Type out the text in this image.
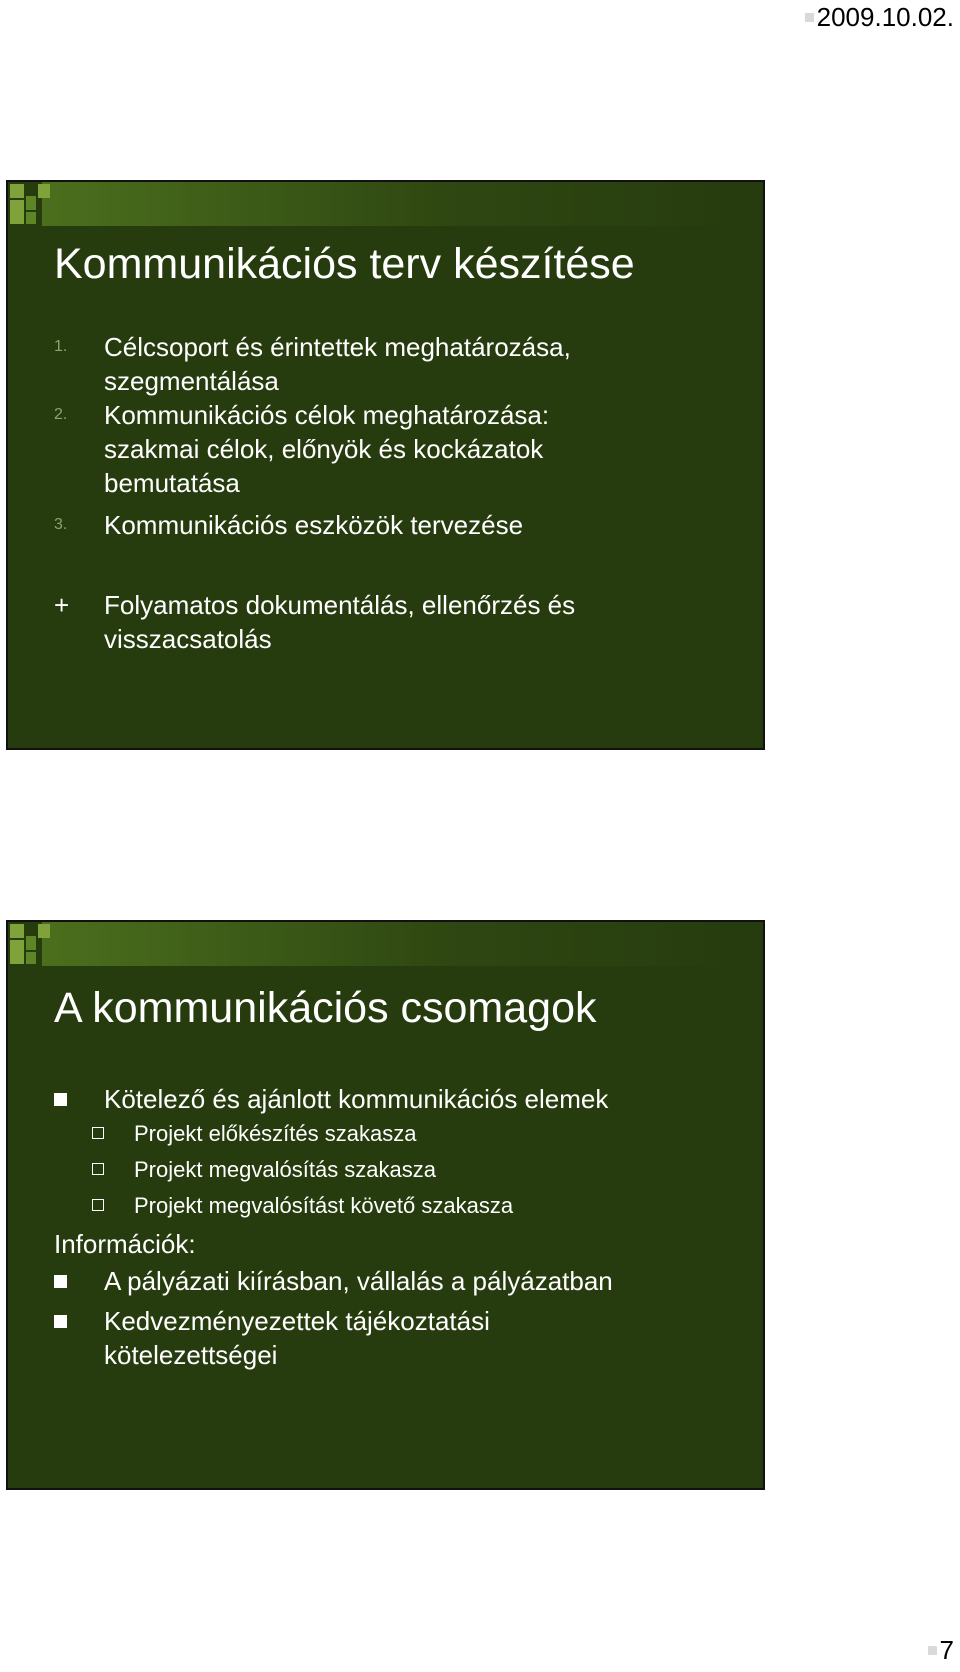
2009.10.02.
Kommunikációs terv készítése
1. Célcsoport és érintettek meghatározása,
szegmentálása
2. Kommunikációs célok meghatározása:
szakmai célok, előnyök és kockázatok
bemutatása
3. Kommunikációs eszközök tervezése
+ Folyamatos dokumentálás, ellenőrzés és
visszacsatolás
A kommunikációs csomagok
Kötelező és ajánlott kommunikációs elemek
Projekt előkészítés szakasza
Projekt megvalósítás szakasza
Projekt megvalósítást követő szakasza
Információk:
A pályázati kiírásban, vállalás a pályázatban
Kedvezményezettek tájékoztatási
kötelezettségei
7
